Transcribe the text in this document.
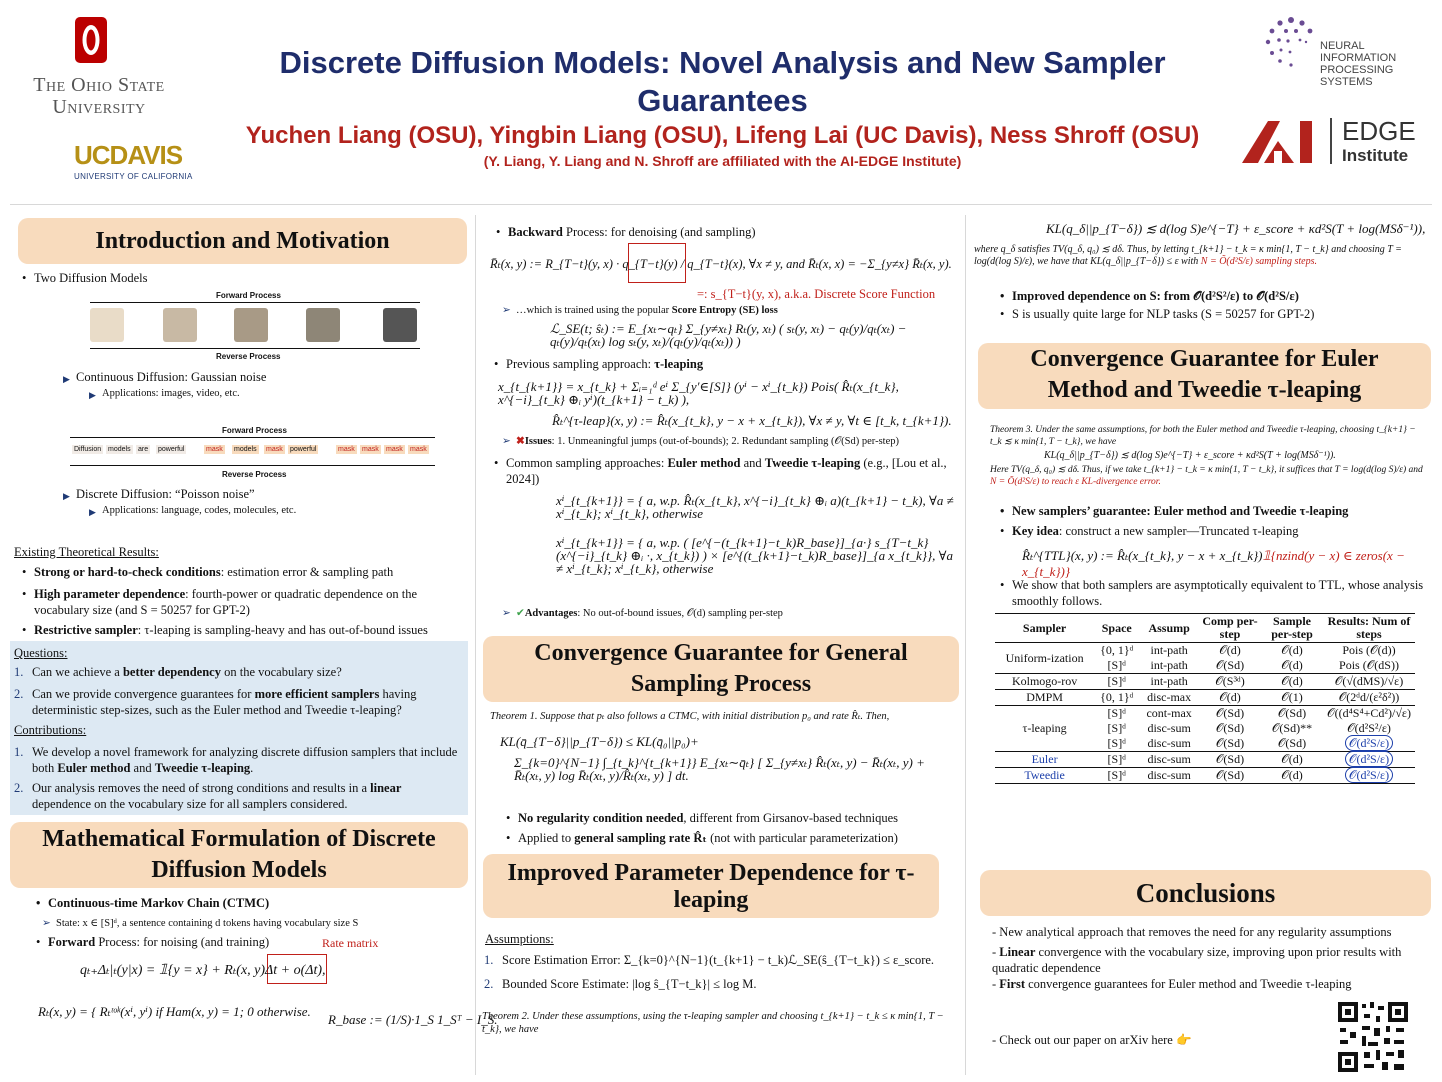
The Ohio State
University
UCDAVIS
UNIVERSITY OF CALIFORNIA
Discrete Diffusion Models: Novel Analysis and New Sampler
Guarantees
Yuchen Liang (OSU), Yingbin Liang (OSU), Lifeng Lai (UC Davis), Ness Shroff (OSU)
(Y. Liang, Y. Liang and N. Shroff are affiliated with the AI-EDGE Institute)
NEURAL INFORMATION
PROCESSING SYSTEMS
EDGE
Institute
Introduction and Motivation
• Two Diffusion Models
Forward Process
Reverse Process
▶ Continuous Diffusion: Gaussian noise
▶ Applications: images, video, etc.
Forward Process
Diffusion models are powerful	mask models mask powerful	mask mask mask mask
Reverse Process
▶ Discrete Diffusion: “Poisson noise”
▶ Applications: language, codes, molecules, etc.
Existing Theoretical Results:
• Strong or hard-to-check conditions: estimation error & sampling path
• High parameter dependence: fourth-power or quadratic dependence on the vocabulary size (and S = 50257 for GPT-2)
• Restrictive sampler: τ-leaping is sampling-heavy and has out-of-bound issues
Questions:
1. Can we achieve a better dependency on the vocabulary size?
2. Can we provide convergence guarantees for more efficient samplers having deterministic step-sizes, such as the Euler method and Tweedie τ-leaping?
Contributions:
1. We develop a novel framework for analyzing discrete diffusion samplers that include both Euler method and Tweedie τ-leaping.
2. Our analysis removes the need of strong conditions and results in a linear dependence on the vocabulary size for all samplers considered.
Mathematical Formulation of Discrete
Diffusion Models
• Continuous-time Markov Chain (CTMC)
➢ State: x ∈ [S]ᵈ, a sentence containing d tokens having vocabulary size S
• Forward Process: for noising (and training)	Rate matrix
qₜ₊Δₜ|ₜ(y|x) = 𝟙{y = x} + Rₜ(x, y)Δt + o(Δt),
Rₜ(x, y) = { Rₜᵗᵒᵏ(xⁱ, yⁱ) if Ham(x, y) = 1; 0 otherwise.
R_base := (1/S)·1_S 1_Sᵀ − I_S.
• Backward Process: for denoising (and sampling)
R̄ₜ(x, y) := R_{T−t}(y, x) · q_{T−t}(y) / q_{T−t}(x), ∀x ≠ y, and R̄ₜ(x, x) = −Σ_{y≠x} R̄ₜ(x, y).
=: s_{T−t}(y, x), a.k.a. Discrete Score Function
➢ …which is trained using the popular Score Entropy (SE) loss
ℒ_SE(t; ŝₜ) := E_{xₜ∼qₜ} Σ_{y≠xₜ} Rₜ(y, xₜ) ( sₜ(y, xₜ) − qₜ(y)/qₜ(xₜ) − qₜ(y)/qₜ(xₜ) log sₜ(y, xₜ)/(qₜ(y)/qₜ(xₜ)) )
• Previous sampling approach: τ-leaping
x_{t_{k+1}} = x_{t_k} + Σᵢ₌₁ᵈ eⁱ Σ_{y′∈[S]} (yⁱ − xⁱ_{t_k}) Pois( R̂ₜ(x_{t_k}, x^{−i}_{t_k} ⊕ᵢ yⁱ)(t_{k+1} − t_k) ),
R̂ₜ^{τ-leap}(x, y) := R̂ₜ(x_{t_k}, y − x + x_{t_k}), ∀x ≠ y, ∀t ∈ [t_k, t_{k+1}).
➢ ✖Issues: 1. Unmeaningful jumps (out-of-bounds); 2. Redundant sampling (𝒪(Sd) per-step)
• Common sampling approaches: Euler method and Tweedie τ-leaping (e.g., [Lou et al., 2024])
xⁱ_{t_{k+1}} = { a, w.p. R̂ₜ(x_{t_k}, x^{−i}_{t_k} ⊕ᵢ a)(t_{k+1} − t_k), ∀a ≠ xⁱ_{t_k}; xⁱ_{t_k}, otherwise
xⁱ_{t_{k+1}} = { a, w.p. ( [e^{−(t_{k+1}−t_k)R_base}]_{a·} s_{T−t_k}(x^{−i}_{t_k} ⊕ᵢ ·, x_{t_k}) ) × [e^{(t_{k+1}−t_k)R_base}]_{a x_{t_k}}, ∀a ≠ xⁱ_{t_k}; xⁱ_{t_k}, otherwise
➢ ✔Advantages: No out-of-bound issues, 𝒪(d) sampling per-step
Convergence Guarantee for General
Sampling Process
Theorem 1. Suppose that pₜ also follows a CTMC, with initial distribution p₀ and rate R̂ₜ. Then,
KL(q̄_{T−δ}||p_{T−δ}) ≤ KL(q̄₀||p₀)+
Σ_{k=0}^{N−1} ∫_{t_k}^{t_{k+1}} E_{xₜ∼q̄ₜ} [ Σ_{y≠xₜ} R̂ₜ(xₜ, y) − R̄ₜ(xₜ, y) + R̄ₜ(xₜ, y) log R̄ₜ(xₜ, y)/R̂ₜ(xₜ, y) ] dt.
• No regularity condition needed, different from Girsanov-based techniques
• Applied to general sampling rate R̂ₜ (not with particular parameterization)
Improved Parameter Dependence for τ-
leaping
Assumptions:
1. Score Estimation Error: Σ_{k=0}^{N−1}(t_{k+1} − t_k)ℒ_SE(ŝ_{T−t_k}) ≤ ε_score.
2. Bounded Score Estimate: |log ŝ_{T−t_k}| ≤ log M.
Theorem 2. Under these assumptions, using the τ-leaping sampler and choosing t_{k+1} − t_k ≤ κ min{1, T − t_k}, we have
KL(q_δ||p_{T−δ}) ≲ d(log S)e^{−T} + ε_score + κd²S(T + log(MSδ⁻¹)),
where q_δ satisfies TV(q_δ, q₀) ≲ dδ. Thus, by letting t_{k+1} − t_k = κ min{1, T − t_k} and choosing T = log(d(log S)/ε), we have that KL(q_δ||p_{T−δ}) ≤ ε with N = Õ(d²S/ε) sampling steps.
• Improved dependence on S: from 𝒪(d²S²/ε) to 𝒪(d²S/ε)
• S is usually quite large for NLP tasks (S = 50257 for GPT-2)
Convergence Guarantee for Euler
Method and Tweedie τ-leaping
Theorem 3. Under the same assumptions, for both the Euler method and Tweedie τ-leaping, choosing t_{k+1} − t_k ≲ κ min{1, T − t_k}, we have
KL(q_δ||p_{T−δ}) ≲ d(log S)e^{−T} + ε_score + κd²S(T + log(MSδ⁻¹)).
Here TV(q_δ, q₀) ≲ dδ. Thus, if we take t_{k+1} − t_k = κ min{1, T − t_k}, it suffices that T = log(d(log S)/ε) and N = Õ(d²S/ε) to reach ε KL-divergence error.
• New samplers’ guarantee: Euler method and Tweedie τ-leaping
• Key idea: construct a new sampler—Truncated τ-leaping
R̂ₜ^{TTL}(x, y) := R̂ₜ(x_{t_k}, y − x + x_{t_k})𝟙{nzind(y − x) ∈ zeros(x − x_{t_k})}
• We show that both samplers are asymptotically equivalent to TTL, whose analysis smoothly follows.
Sampler	Space	Assump	Comp per-step	Sample per-step	Results: Num of steps
Uniform-ization	{0, 1}ᵈ	int-path	𝒪(d)	𝒪(d)	Pois (𝒪(d))
	[S]ᵈ	int-path	𝒪(Sd)	𝒪(d)	Pois (𝒪(dS))
Kolmogo-rov	[S]ᵈ	int-path	𝒪(S³ᵈ)	𝒪(d)	𝒪(√(dMS)/√ε)
DMPM	{0, 1}ᵈ	disc-max	𝒪(d)	𝒪(1)	𝒪(2ᵈd/(ε²δ²))
τ-leaping	[S]ᵈ	cont-max	𝒪(Sd)	𝒪(Sd)	𝒪((d⁴S⁴+Cd²)/√ε)
	[S]ᵈ	disc-sum	𝒪(Sd)	𝒪(Sd)**	𝒪(d²S²/ε)
	[S]ᵈ	disc-sum	𝒪(Sd)	𝒪(Sd)	𝒪(d²S/ε)
Euler	[S]ᵈ	disc-sum	𝒪(Sd)	𝒪(d)	𝒪(d²S/ε)
Tweedie	[S]ᵈ	disc-sum	𝒪(Sd)	𝒪(d)	𝒪(d²S/ε)
Conclusions
- New analytical approach that removes the need for any regularity assumptions
- Linear convergence with the vocabulary size, improving upon prior results with quadratic dependence
- First convergence guarantees for Euler method and Tweedie τ-leaping
- Check out our paper on arXiv here 👉
